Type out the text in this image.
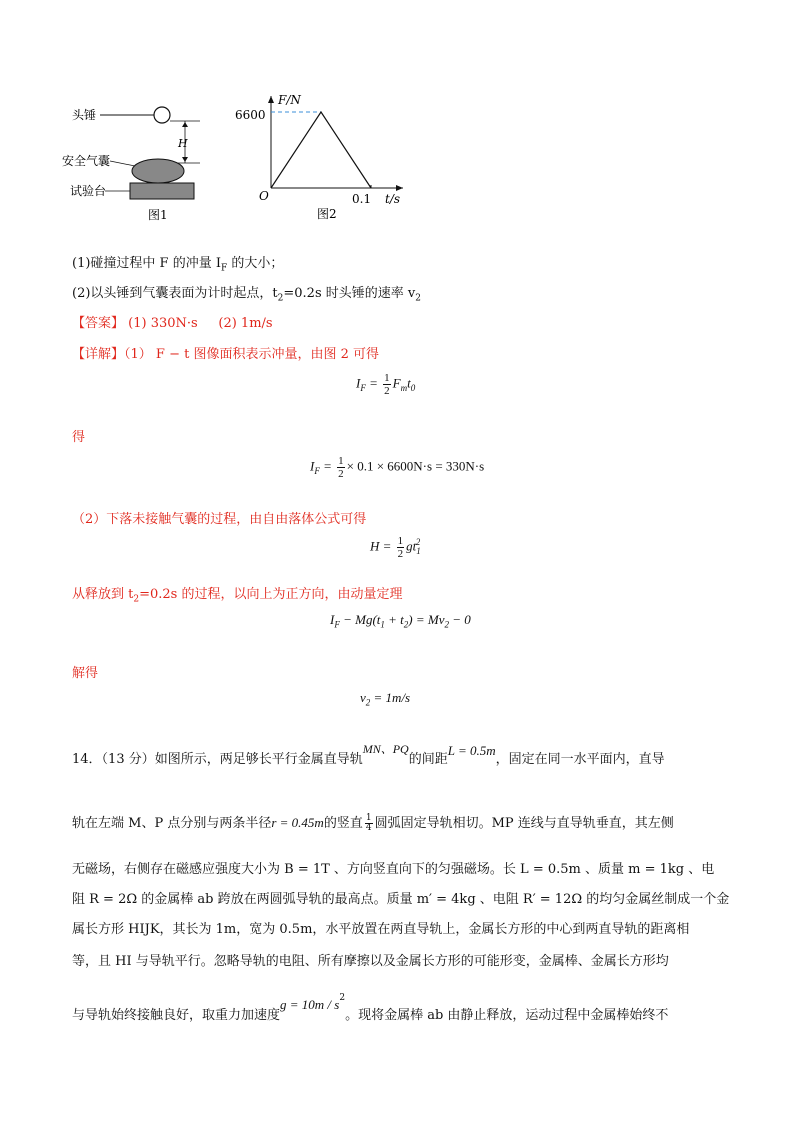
头锤
H
安全气囊
试验台
图1
F/N
6600
O	0.1 t/s
图2
(1)碰撞过程中 F 的冲量 $I_F$ 的大小；
(2)以头锤到气囊表面为计时起点，$t_2=0.2s$ 时头锤的速率 $v_2$
【答案】 (1) 330N·s (2) 1m/s
【详解】（1） F − t 图像面积表示冲量，由图 2 可得
$I_F = \frac{1}{2} F_mt_0$
得
$I_F = \frac{1}{2} \times 0.1 \times 6600N\cdot s = 330N\cdot s$
（2）下落未接触气囊的过程，由自由落体公式可得
$H = \frac{1}{2} gt_1^2$
从释放到 $t_2=0.2s$ 的过程，以向上为正方向，由动量定理
$I_F - Mg(t_1 + t_2) = Mv_2 - 0$
解得
$v_2 = 1m/s$
14．（13 分）如图所示，两足够长平行金属直导轨MN、PQ的间距L = 0.5m，固定在同一水平面内，直导
轨在左端 M、P 点分别与两条半径r = 0.45m的竖直 $\frac{1}{4}$ 圆弧固定导轨相切。MP 连线与直导轨垂直，其左侧
无磁场，右侧存在磁感应强度大小为 B = 1T 、方向竖直向下的匀强磁场。长 L = 0.5m 、质量 m = 1kg 、电
阻 R = 2Ω 的金属棒 ab 跨放在两圆弧导轨的最高点。质量 m′ = 4kg 、电阻 R′ = 12Ω 的均匀金属丝制成一个金
属长方形 HIJK，其长为 1m，宽为 0.5m，水平放置在两直导轨上，金属长方形的中心到两直导轨的距离相
等，且 HI 与导轨平行。忽略导轨的电阻、所有摩擦以及金属长方形的可能形变，金属棒、金属长方形均
与导轨始终接触良好，取重力加速度$g = 10m / s^2$。现将金属棒 ab 由静止释放，运动过程中金属棒始终不
